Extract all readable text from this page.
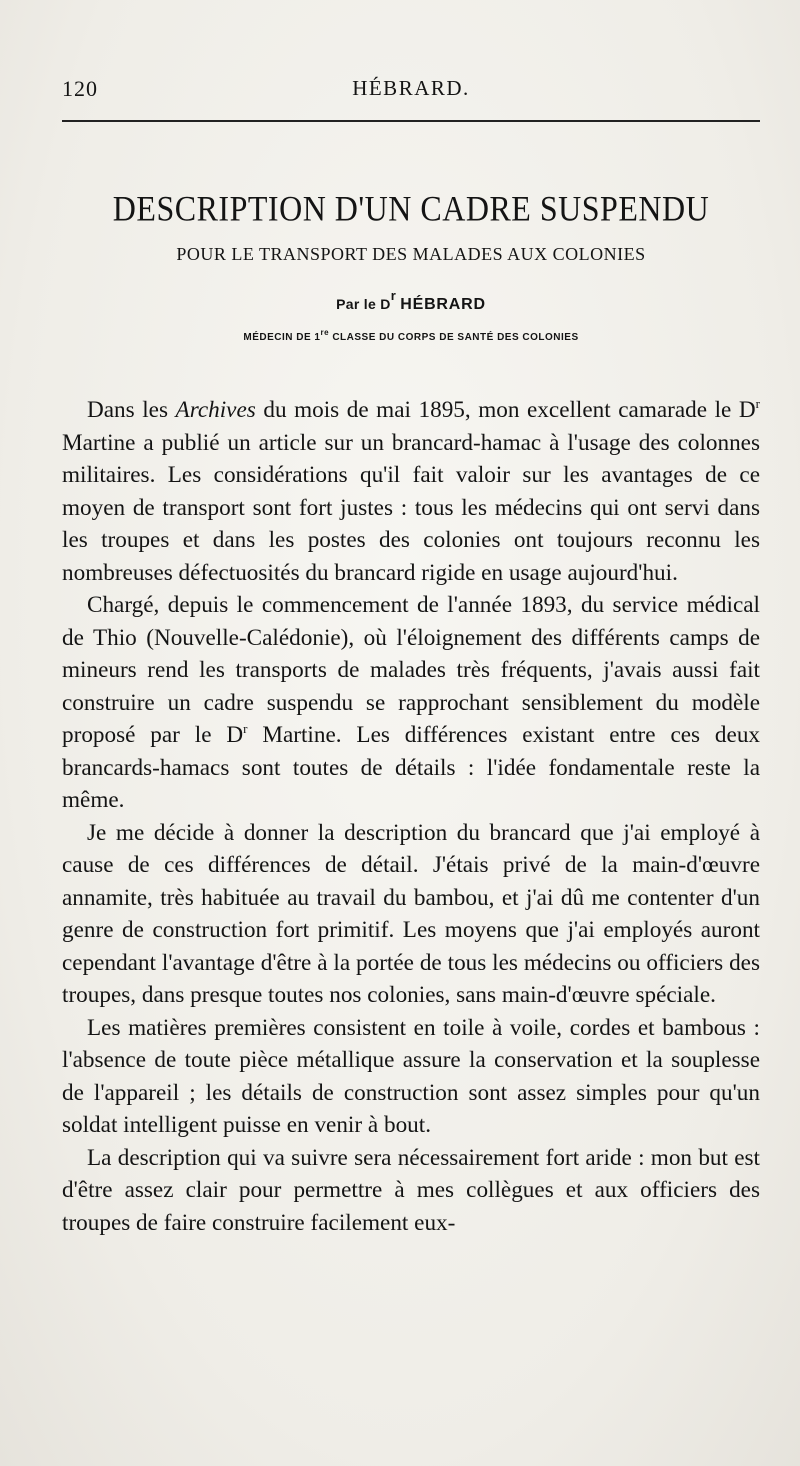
120	HÉBRARD.
DESCRIPTION D'UN CADRE SUSPENDU
POUR LE TRANSPORT DES MALADES AUX COLONIES
Par le Dr HÉBRARD
MÉDECIN DE 1re CLASSE DU CORPS DE SANTÉ DES COLONIES

Dans les Archives du mois de mai 1895, mon excellent camarade le $D^r$ Martine a publié un article sur un brancard-hamac à l'usage des colonnes militaires. Les considérations qu'il fait valoir sur les avantages de ce moyen de transport sont fort justes : tous les médecins qui ont servi dans les troupes et dans les postes des colonies ont toujours reconnu les nombreuses défectuosités du brancard rigide en usage aujourd'hui.

Chargé, depuis le commencement de l'année 1893, du service médical de Thio (Nouvelle-Calédonie), où l'éloignement des différents camps de mineurs rend les transports de malades très fréquents, j'avais aussi fait construire un cadre suspendu se rapprochant sensiblement du modèle proposé par le $D^r$ Martine. Les différences existant entre ces deux brancards-hamacs sont toutes de détails : l'idée fondamentale reste la même.

Je me décide à donner la description du brancard que j'ai employé à cause de ces différences de détail. J'étais privé de la main-d'œuvre annamite, très habituée au travail du bambou, et j'ai dû me contenter d'un genre de construction fort primitif. Les moyens que j'ai employés auront cependant l'avantage d'être à la portée de tous les médecins ou officiers des troupes, dans presque toutes nos colonies, sans main-d'œuvre spéciale.

Les matières premières consistent en toile à voile, cordes et bambous : l'absence de toute pièce métallique assure la conservation et la souplesse de l'appareil ; les détails de construction sont assez simples pour qu'un soldat intelligent puisse en venir à bout.

La description qui va suivre sera nécessairement fort aride : mon but est d'être assez clair pour permettre à mes collègues et aux officiers des troupes de faire construire facilement eux-
